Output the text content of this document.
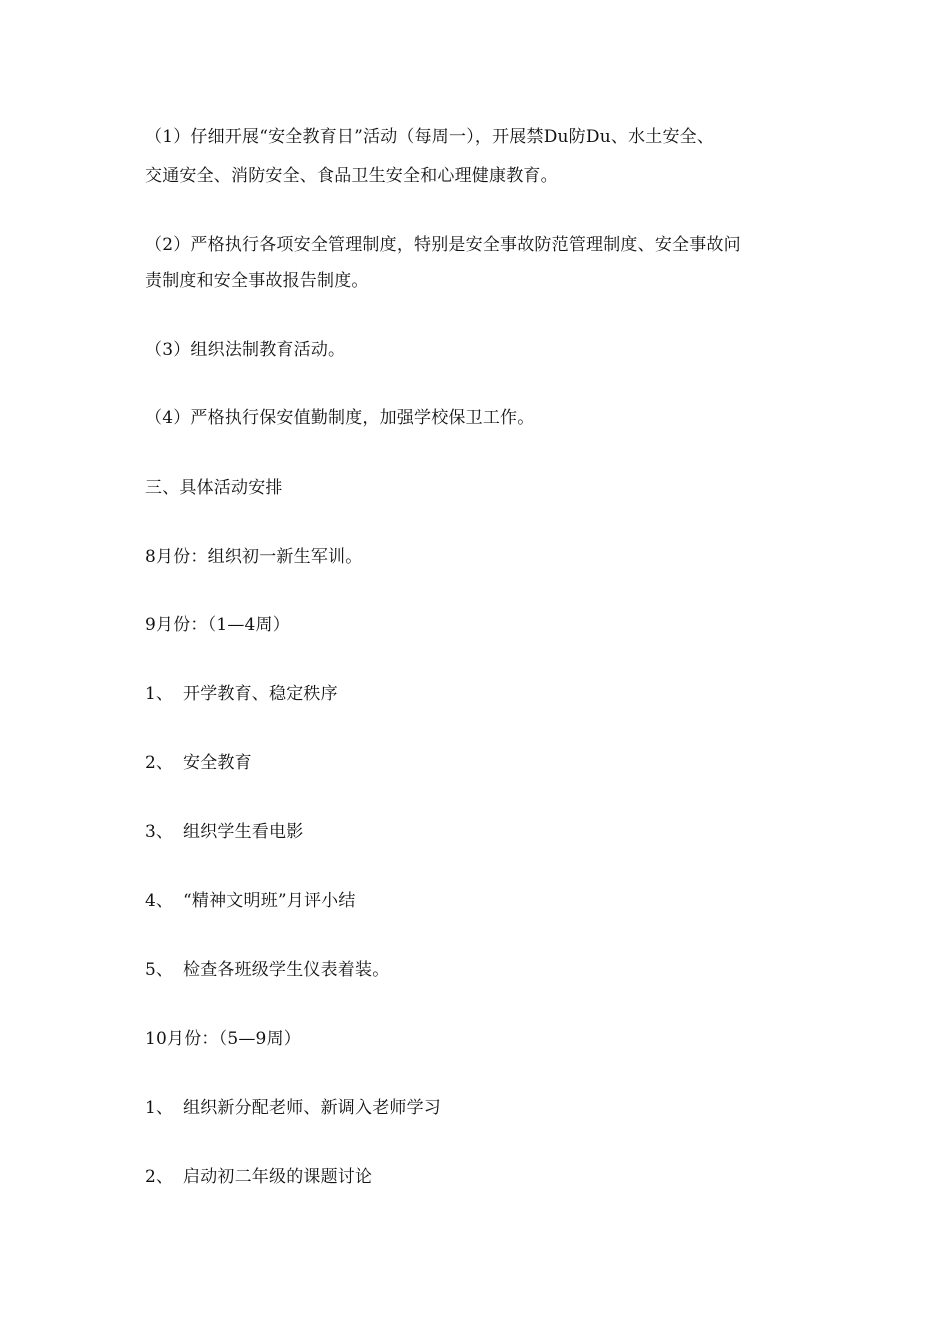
（1）仔细开展“安全教育日”活动（每周一），开展禁Du防Du、水土安全、
交通安全、消防安全、食品卫生安全和心理健康教育。
（2）严格执行各项安全管理制度，特别是安全事故防范管理制度、安全事故问
责制度和安全事故报告制度。
（3）组织法制教育活动。
（4）严格执行保安值勤制度，加强学校保卫工作。
三、具体活动安排
8月份：组织初一新生军训。
9月份：（1—4周）
1、 开学教育、稳定秩序
2、 安全教育
3、 组织学生看电影
4、 “精神文明班”月评小结
5、 检查各班级学生仪表着装。
10月份：（5—9周）
1、 组织新分配老师、新调入老师学习
2、 启动初二年级的课题讨论
